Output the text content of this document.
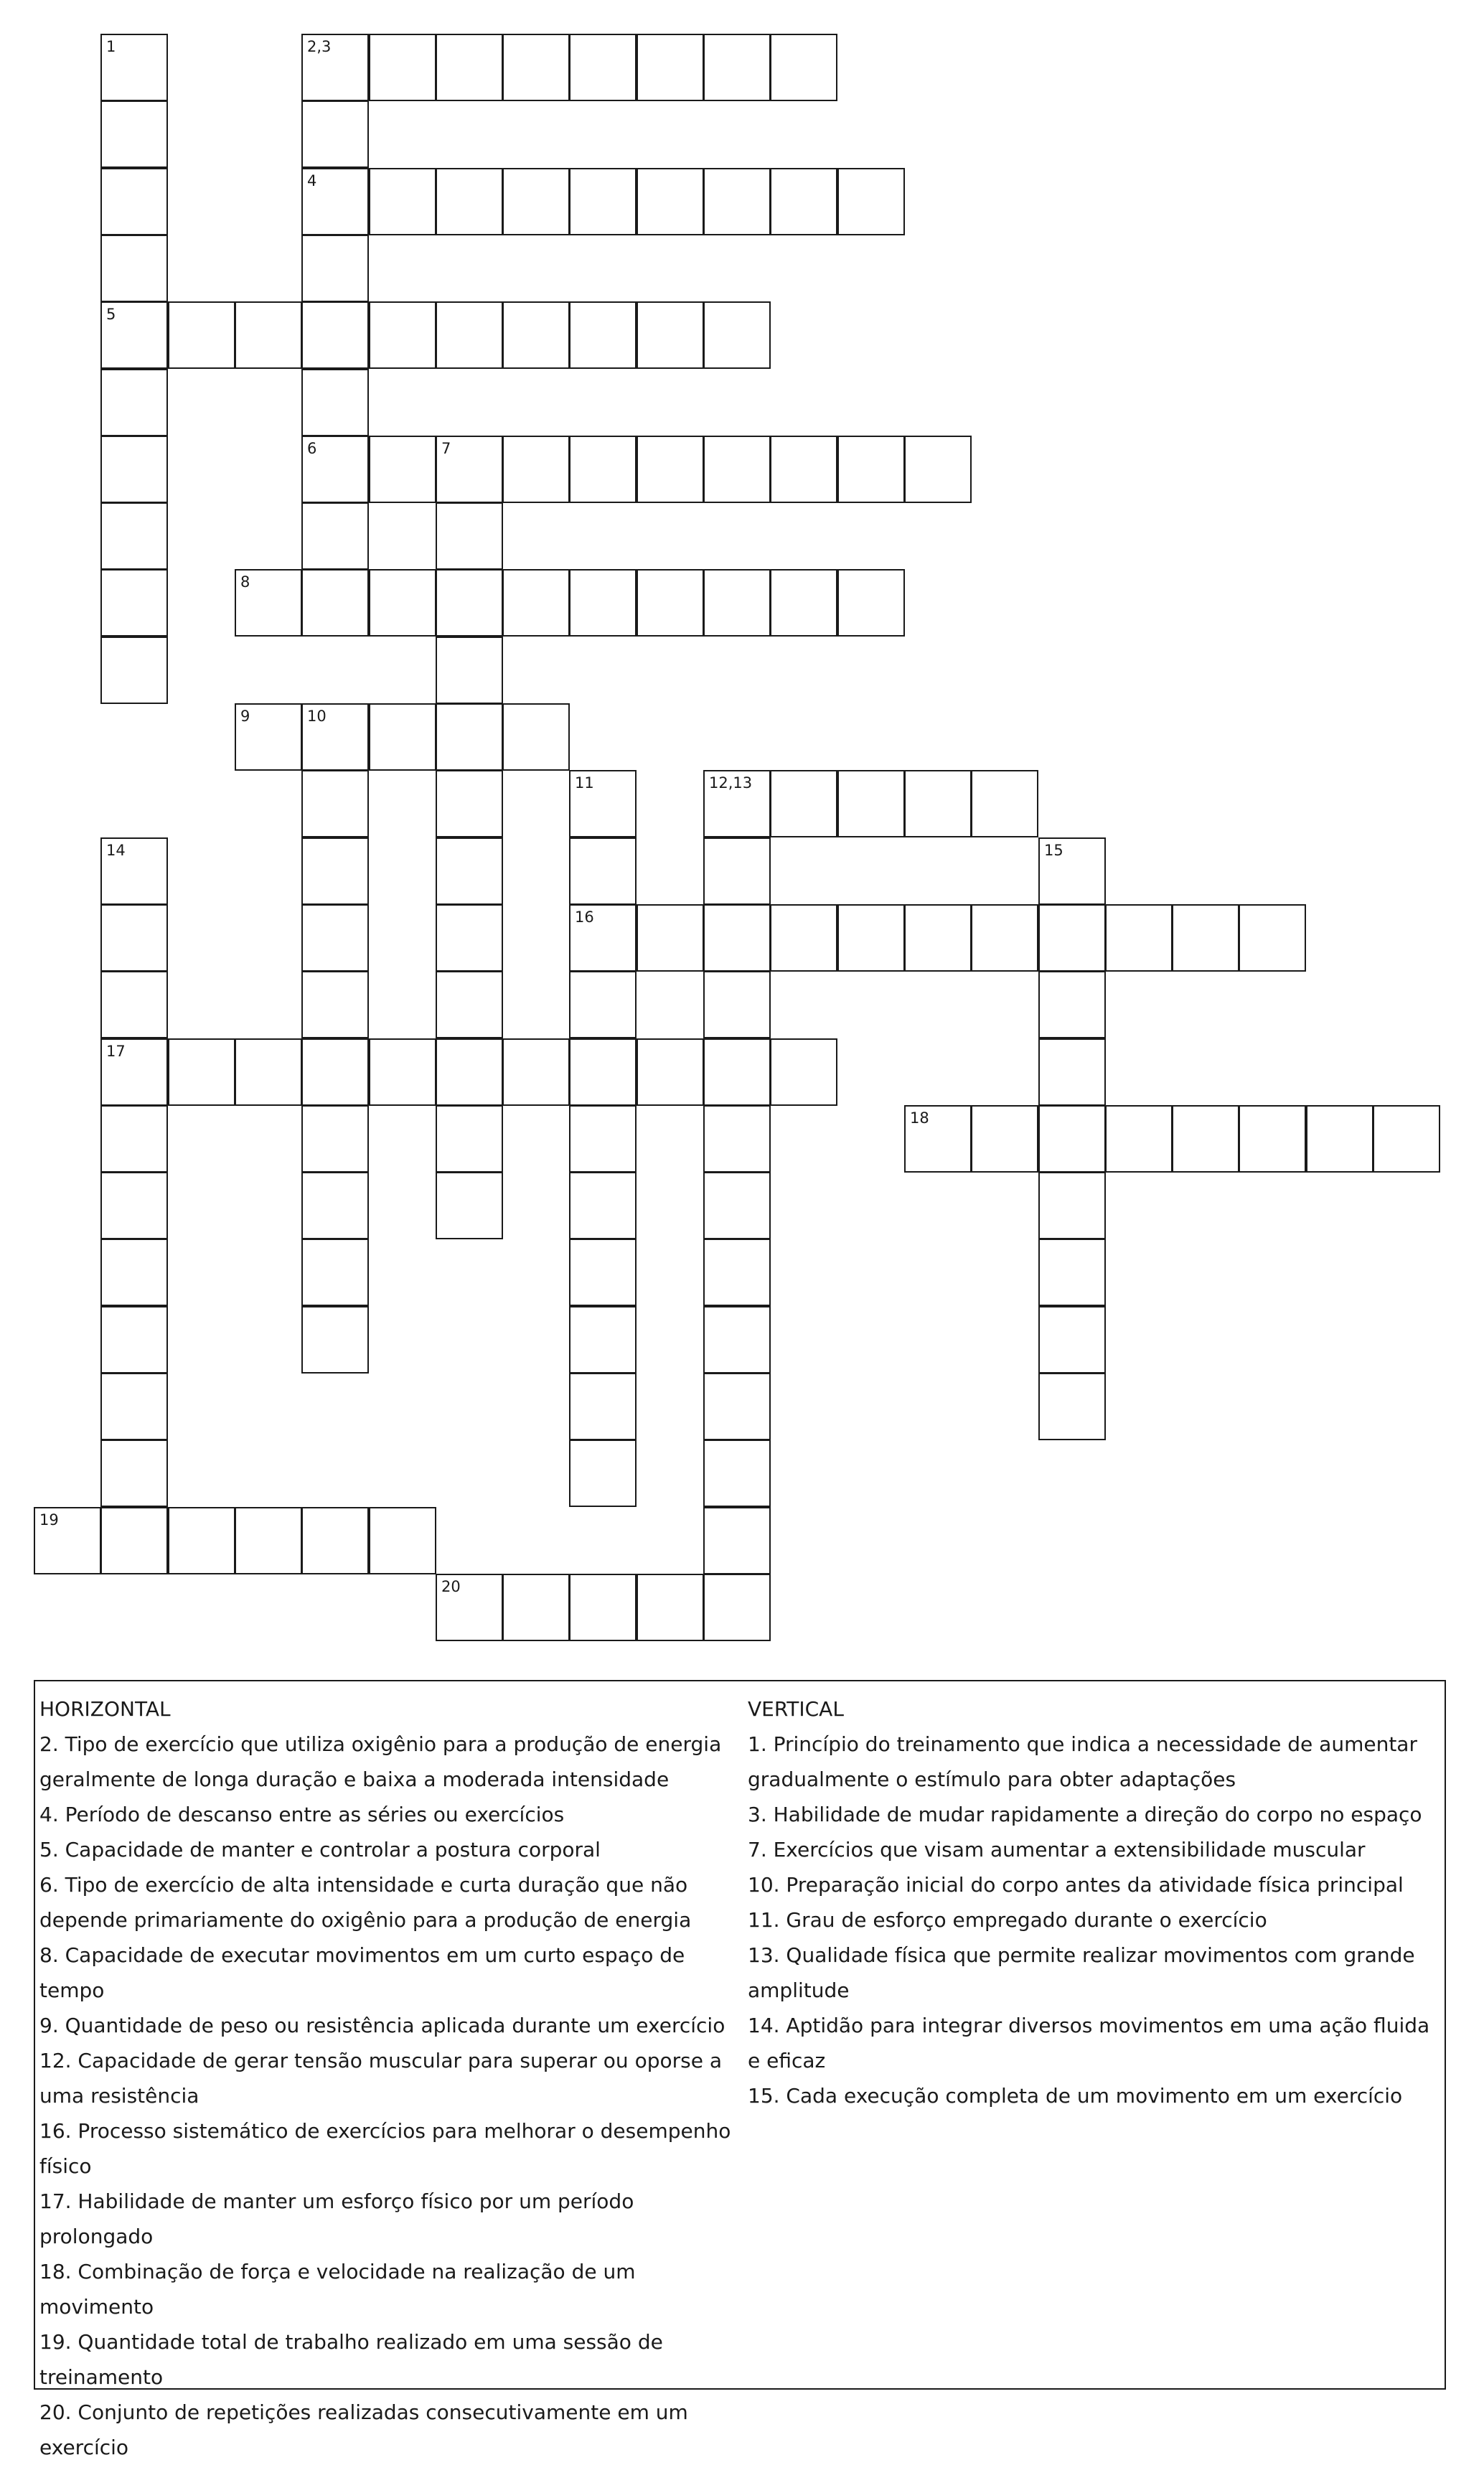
2,3
4
5
6	7
8
9	10
12,13
16
17
18
19
20
1
11
14	15

HORIZONTAL

2. Tipo de exercício que utiliza oxigênio para a produção de energia geralmente de longa duração e baixa a moderada intensidade

4. Período de descanso entre as séries ou exercícios

5. Capacidade de manter e controlar a postura corporal

6. Tipo de exercício de alta intensidade e curta duração que não depende primariamente do oxigênio para a produção de energia

8. Capacidade de executar movimentos em um curto espaço de tempo

9. Quantidade de peso ou resistência aplicada durante um exercício

12. Capacidade de gerar tensão muscular para superar ou oporse a uma resistência

16. Processo sistemático de exercícios para melhorar o desempenho físico

17. Habilidade de manter um esforço físico por um período prolongado

18. Combinação de força e velocidade na realização de um movimento

19. Quantidade total de trabalho realizado em uma sessão de treinamento

20. Conjunto de repetições realizadas consecutivamente em um exercício

VERTICAL

1. Princípio do treinamento que indica a necessidade de aumentar gradualmente o estímulo para obter adaptações

3. Habilidade de mudar rapidamente a direção do corpo no espaço

7. Exercícios que visam aumentar a extensibilidade muscular

10. Preparação inicial do corpo antes da atividade física principal

11. Grau de esforço empregado durante o exercício

13. Qualidade física que permite realizar movimentos com grande amplitude

14. Aptidão para integrar diversos movimentos em uma ação fluida e eficaz

15. Cada execução completa de um movimento em um exercício
